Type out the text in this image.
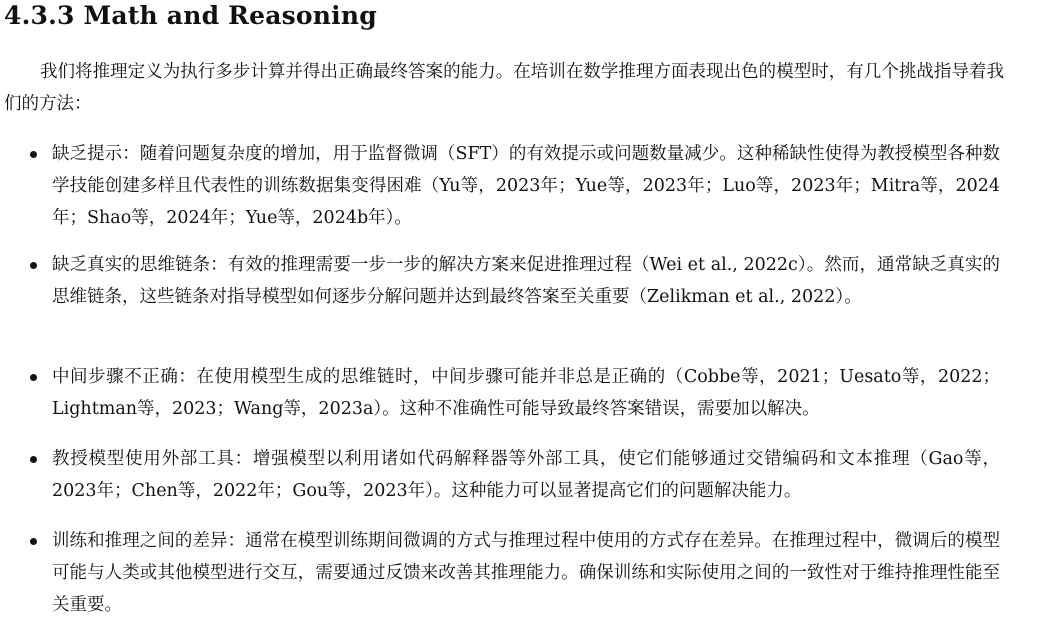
4.3.3 Math and Reasoning

我们将推理定义为执行多步计算并得出正确最终答案的能力。在培训在数学推理方面表现出色的模型时，有几个挑战指导着我们的方法：

缺乏提示：随着问题复杂度的增加，用于监督微调（SFT）的有效提示或问题数量减少。这种稀缺性使得为教授模型各种数学技能创建多样且代表性的训练数据集变得困难（Yu等，2023年；Yue等，2023年；Luo等，2023年；Mitra等，2024年；Shao等，2024年；Yue等，2024b年）。

缺乏真实的思维链条：有效的推理需要一步一步的解决方案来促进推理过程（Wei et al., 2022c）。然而，通常缺乏真实的思维链条，这些链条对指导模型如何逐步分解问题并达到最终答案至关重要（Zelikman et al., 2022）。

中间步骤不正确：在使用模型生成的思维链时，中间步骤可能并非总是正确的（Cobbe等，2021；Uesato等，2022；Lightman等，2023；Wang等，2023a）。这种不准确性可能导致最终答案错误，需要加以解决。

教授模型使用外部工具：增强模型以利用诸如代码解释器等外部工具，使它们能够通过交错编码和文本推理（Gao等，2023年；Chen等，2022年；Gou等，2023年）。这种能力可以显著提高它们的问题解决能力。

训练和推理之间的差异：通常在模型训练期间微调的方式与推理过程中使用的方式存在差异。在推理过程中，微调后的模型可能与人类或其他模型进行交互，需要通过反馈来改善其推理能力。确保训练和实际使用之间的一致性对于维持推理性能至关重要。
